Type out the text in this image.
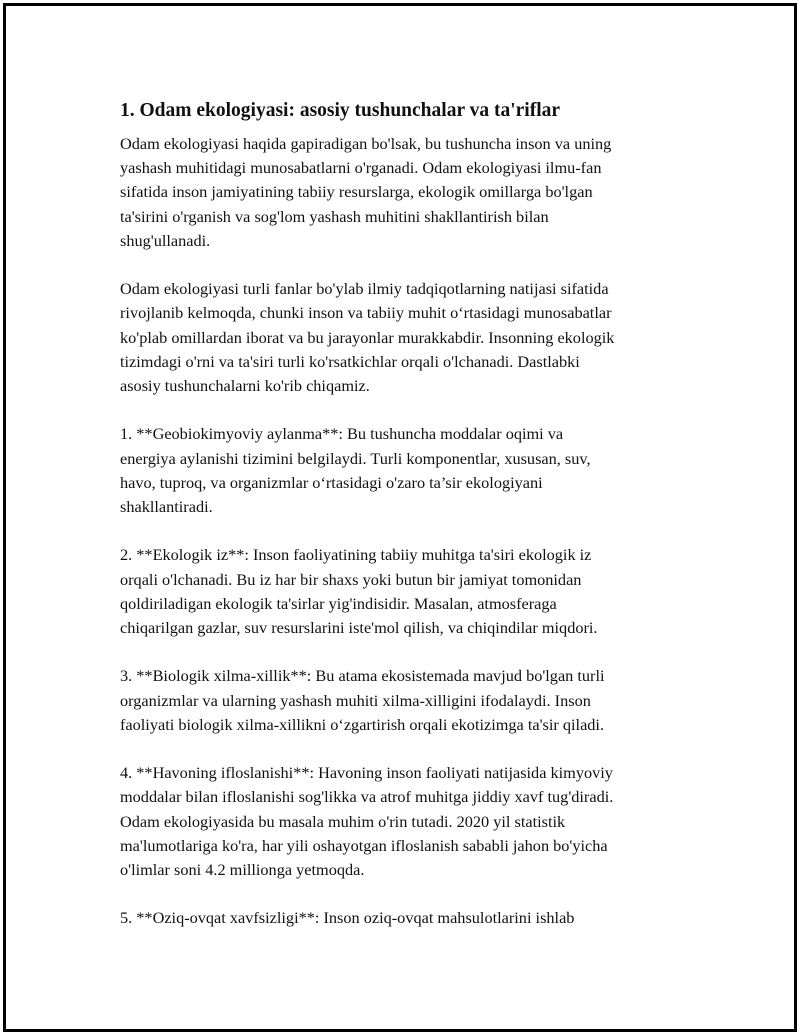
1. Odam ekologiyasi: asosiy tushunchalar va ta'riflar

Odam ekologiyasi haqida gapiradigan bo'lsak, bu tushuncha inson va uning
yashash muhitidagi munosabatlarni o'rganadi. Odam ekologiyasi ilmu-fan
sifatida inson jamiyatining tabiiy resurslarga, ekologik omillarga bo'lgan
ta'sirini o'rganish va sog'lom yashash muhitini shakllantirish bilan
shug'ullanadi.

Odam ekologiyasi turli fanlar bo'ylab ilmiy tadqiqotlarning natijasi sifatida
rivojlanib kelmoqda, chunki inson va tabiiy muhit o‘rtasidagi munosabatlar
ko'plab omillardan iborat va bu jarayonlar murakkabdir. Insonning ekologik
tizimdagi o'rni va ta'siri turli ko'rsatkichlar orqali o'lchanadi. Dastlabki
asosiy tushunchalarni ko'rib chiqamiz.

1. **Geobiokimyoviy aylanma**: Bu tushuncha moddalar oqimi va
energiya aylanishi tizimini belgilaydi. Turli komponentlar, xususan, suv,
havo, tuproq, va organizmlar o‘rtasidagi o'zaro ta’sir ekologiyani
shakllantiradi.

2. **Ekologik iz**: Inson faoliyatining tabiiy muhitga ta'siri ekologik iz
orqali o'lchanadi. Bu iz har bir shaxs yoki butun bir jamiyat tomonidan
qoldiriladigan ekologik ta'sirlar yig'indisidir. Masalan, atmosferaga
chiqarilgan gazlar, suv resurslarini iste'mol qilish, va chiqindilar miqdori.

3. **Biologik xilma-xillik**: Bu atama ekosistemada mavjud bo'lgan turli
organizmlar va ularning yashash muhiti xilma-xilligini ifodalaydi. Inson
faoliyati biologik xilma-xillikni o‘zgartirish orqali ekotizimga ta'sir qiladi.

4. **Havoning ifloslanishi**: Havoning inson faoliyati natijasida kimyoviy
moddalar bilan ifloslanishi sog'likka va atrof muhitga jiddiy xavf tug'diradi.
Odam ekologiyasida bu masala muhim o'rin tutadi. 2020 yil statistik
ma'lumotlariga ko'ra, har yili oshayotgan ifloslanish sababli jahon bo'yicha
o'limlar soni 4.2 millionga yetmoqda.

5. **Oziq-ovqat xavfsizligi**: Inson oziq-ovqat mahsulotlarini ishlab
